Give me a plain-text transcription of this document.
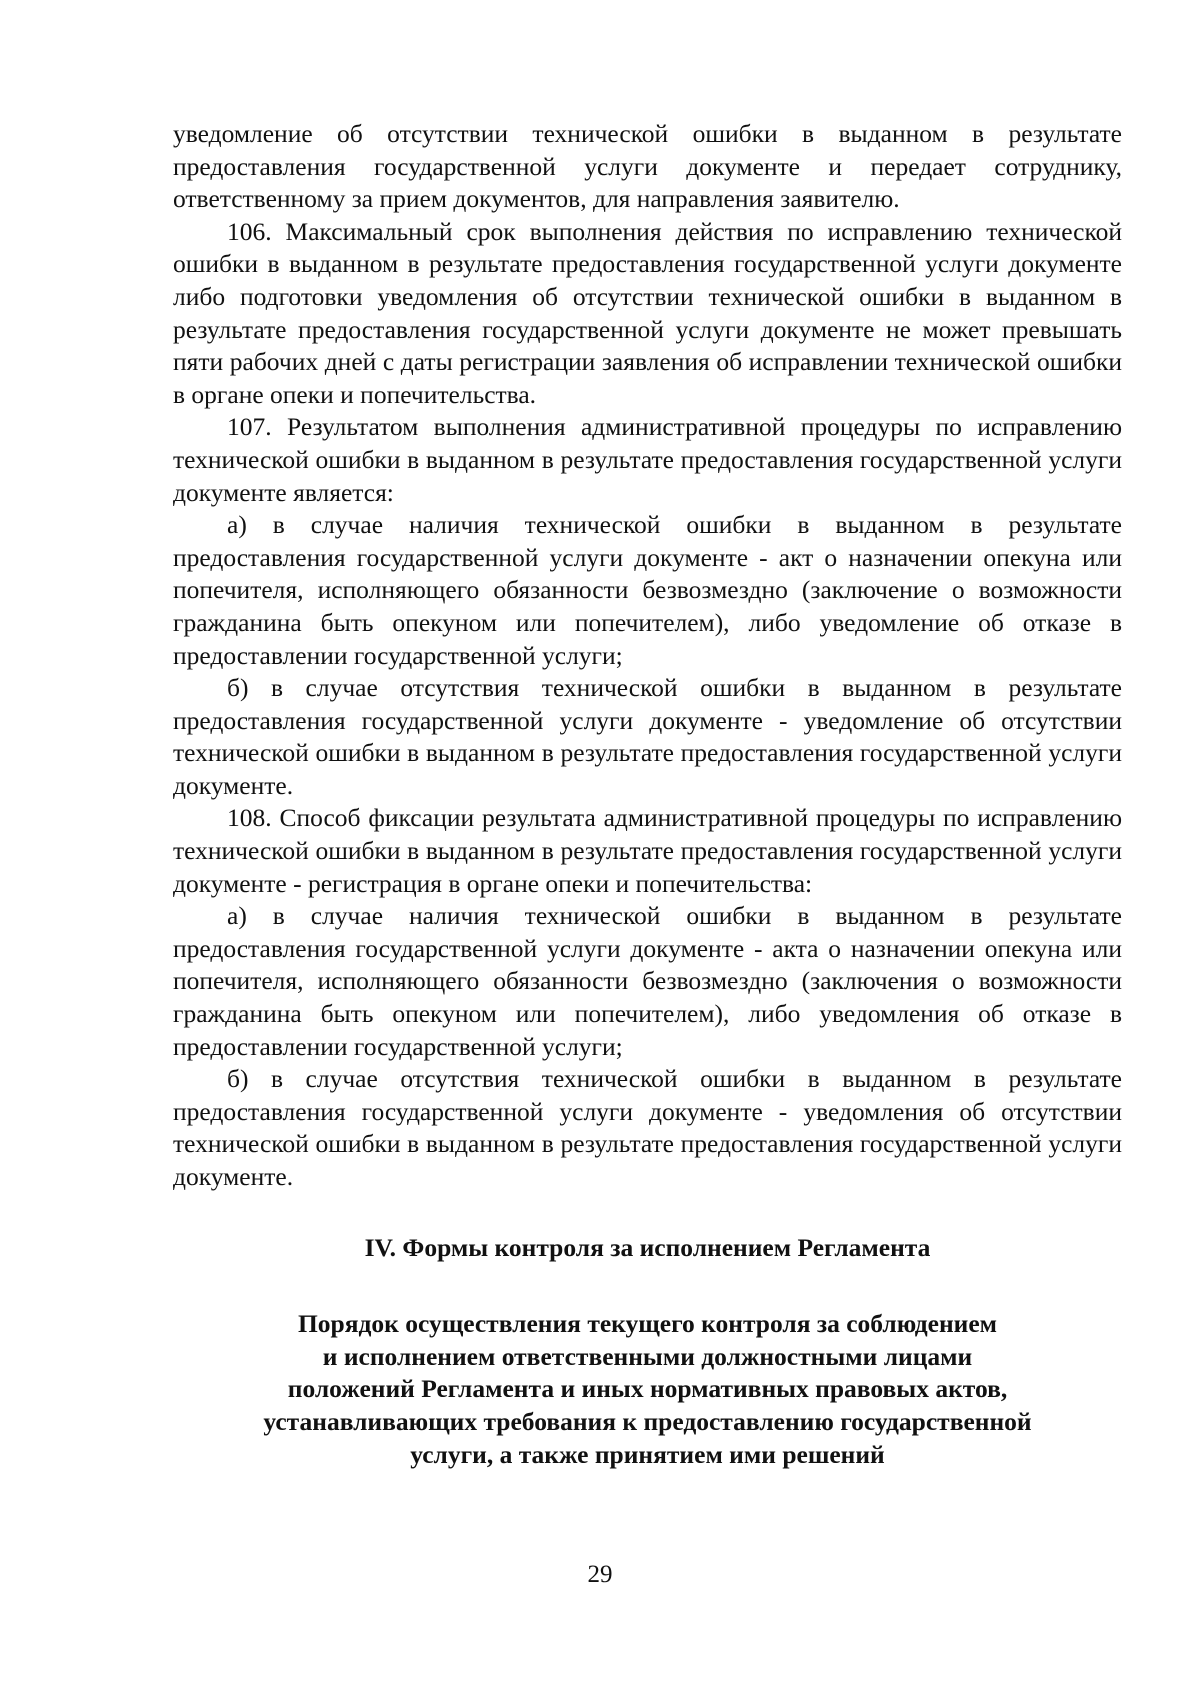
уведомление об отсутствии технической ошибки в выданном в результате предоставления государственной услуги документе и передает сотруднику, ответственному за прием документов, для направления заявителю.

106. Максимальный срок выполнения действия по исправлению технической ошибки в выданном в результате предоставления государственной услуги документе либо подготовки уведомления об отсутствии технической ошибки в выданном в результате предоставления государственной услуги документе не может превышать пяти рабочих дней с даты регистрации заявления об исправлении технической ошибки в органе опеки и попечительства.

107. Результатом выполнения административной процедуры по исправлению технической ошибки в выданном в результате предоставления государственной услуги документе является:

а) в случае наличия технической ошибки в выданном в результате предоставления государственной услуги документе - акт о назначении опекуна или попечителя, исполняющего обязанности безвозмездно (заключение о возможности гражданина быть опекуном или попечителем), либо уведомление об отказе в предоставлении государственной услуги;

б) в случае отсутствия технической ошибки в выданном в результате предоставления государственной услуги документе - уведомление об отсутствии технической ошибки в выданном в результате предоставления государственной услуги документе.

108. Способ фиксации результата административной процедуры по исправлению технической ошибки в выданном в результате предоставления государственной услуги документе - регистрация в органе опеки и попечительства:

а) в случае наличия технической ошибки в выданном в результате предоставления государственной услуги документе - акта о назначении опекуна или попечителя, исполняющего обязанности безвозмездно (заключения о возможности гражданина быть опекуном или попечителем), либо уведомления об отказе в предоставлении государственной услуги;

б) в случае отсутствия технической ошибки в выданном в результате предоставления государственной услуги документе - уведомления об отсутствии технической ошибки в выданном в результате предоставления государственной услуги документе.

IV. Формы контроля за исполнением Регламента
Порядок осуществления текущего контроля за соблюдением
и исполнением ответственными должностными лицами
положений Регламента и иных нормативных правовых актов,
устанавливающих требования к предоставлению государственной
услуги, а также принятием ими решений
29
